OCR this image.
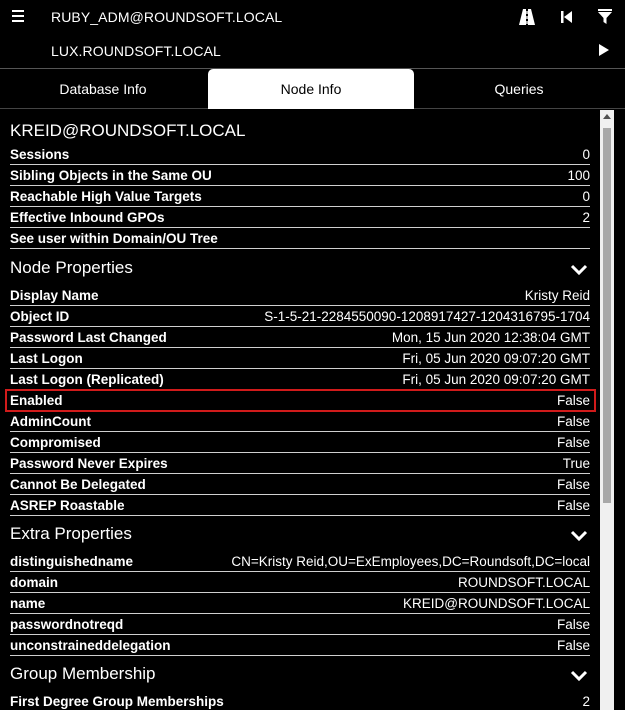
RUBY_ADM@ROUNDSOFT.LOCAL
LUX.ROUNDSOFT.LOCAL
Database Info	Node Info	Queries
KREID@ROUNDSOFT.LOCAL
Sessions	0
Sibling Objects in the Same OU	100
Reachable High Value Targets	0
Effective Inbound GPOs	2
See user within Domain/OU Tree
Node Properties
Display Name	Kristy Reid
Object ID	S-1-5-21-2284550090-1208917427-1204316795-1704
Password Last Changed	Mon, 15 Jun 2020 12:38:04 GMT
Last Logon	Fri, 05 Jun 2020 09:07:20 GMT
Last Logon (Replicated)	Fri, 05 Jun 2020 09:07:20 GMT
Enabled	False
AdminCount	False
Compromised	False
Password Never Expires	True
Cannot Be Delegated	False
ASREP Roastable	False
Extra Properties
distinguishedname	CN=Kristy Reid,OU=ExEmployees,DC=Roundsoft,DC=local
domain	ROUNDSOFT.LOCAL
name	KREID@ROUNDSOFT.LOCAL
passwordnotreqd	False
unconstraineddelegation	False
Group Membership
First Degree Group Memberships	2
